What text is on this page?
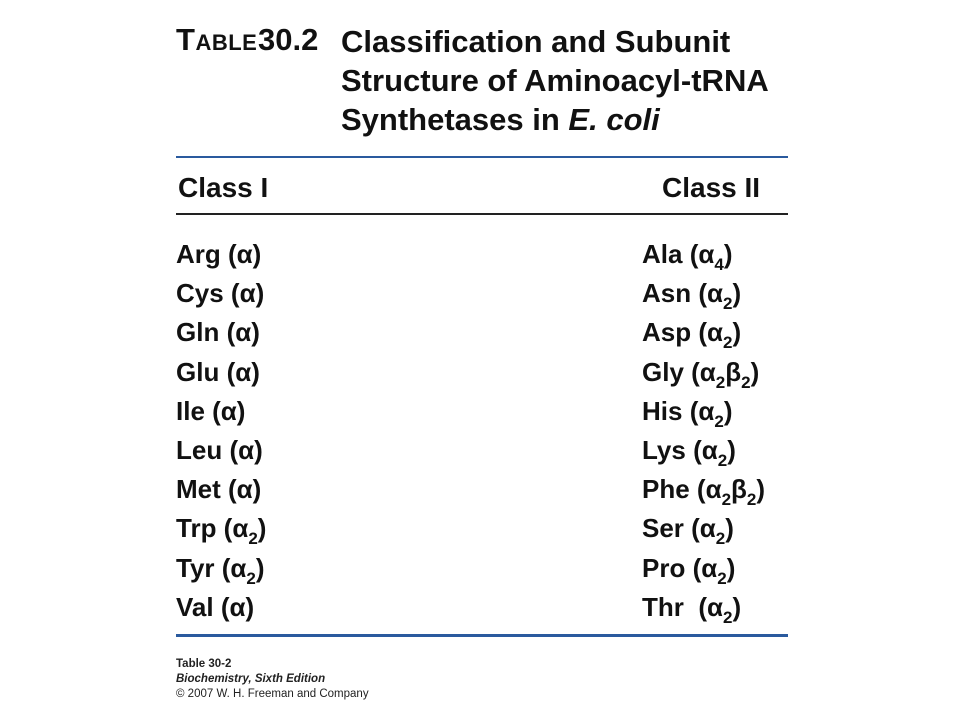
TABLE 30.2 Classification and Subunit
Structure of Aminoacyl-tRNA
Synthetases in E. coli
Class I	Class II
Arg (α)
Cys (α)
Gln (α)
Glu (α)
Ile (α)
Leu (α)
Met (α)
Trp $(\alpha_2)$
Tyr $(\alpha_2)$
Val (α)
Ala $(\alpha_4)$
Asn $(\alpha_2)$
Asp $(\alpha_2)$
Gly $(\alpha_2\beta_2)$
His $(\alpha_2)$
Lys $(\alpha_2)$
Phe $(\alpha_2\beta_2)$
Ser $(\alpha_2)$
Pro $(\alpha_2)$
Thr  $(\alpha_2)$
Table 30-2
Biochemistry, Sixth Edition
© 2007 W. H. Freeman and Company
